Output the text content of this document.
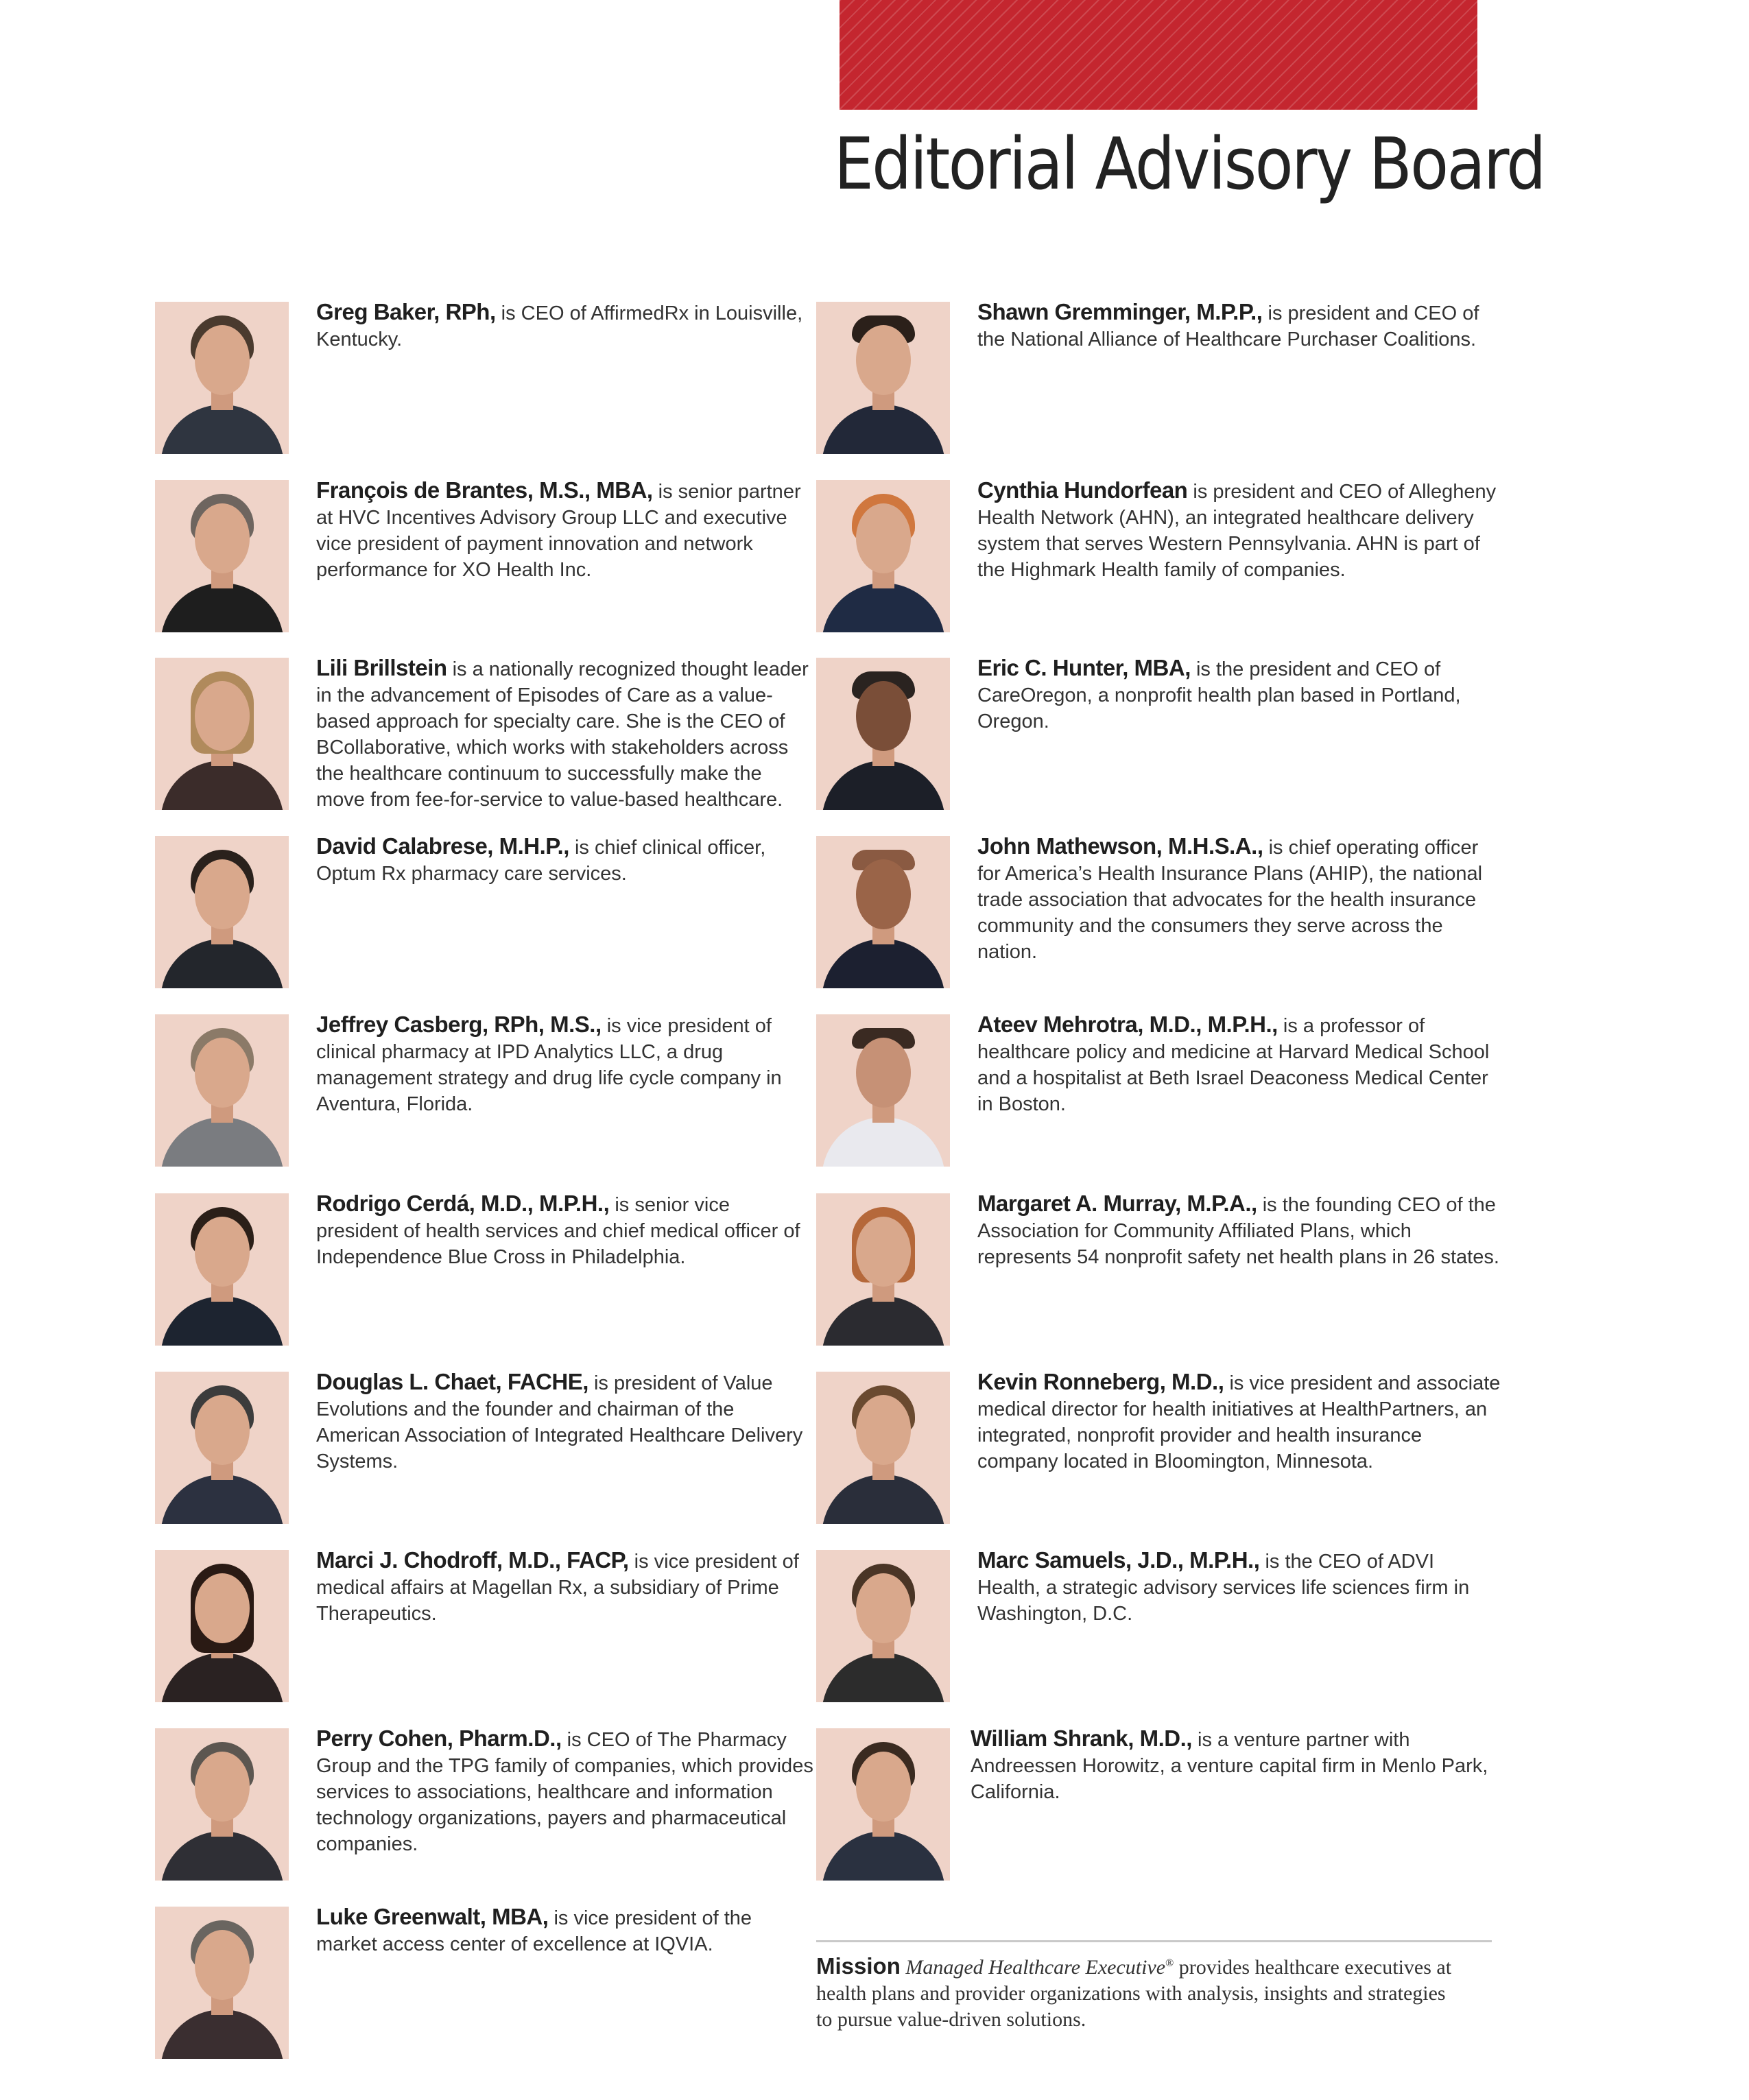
Editorial Advisory Board

Greg Baker, RPh, is CEO of AffirmedRx in Louisville, Kentucky.

François de Brantes, M.S., MBA, is senior partner at HVC Incentives Advisory Group LLC and executive vice president of payment innovation and network performance for XO Health Inc.

Lili Brillstein is a nationally recognized thought leader in the advancement of Episodes of Care as a value-based approach for specialty care. She is the CEO of BCollaborative, which works with stakeholders across the healthcare continuum to successfully make the move from fee-for-service to value-based healthcare.

David Calabrese, M.H.P., is chief clinical officer, Optum Rx pharmacy care services.

Jeffrey Casberg, RPh, M.S., is vice president of clinical pharmacy at IPD Analytics LLC, a drug management strategy and drug life cycle company in Aventura, Florida.

Rodrigo Cerdá, M.D., M.P.H., is senior vice president of health services and chief medical officer of Independence Blue Cross in Philadelphia.

Douglas L. Chaet, FACHE, is president of Value Evolutions and the founder and chairman of the American Association of Integrated Healthcare Delivery Systems.

Marci J. Chodroff, M.D., FACP, is vice president of medical affairs at Magellan Rx, a subsidiary of Prime Therapeutics.

Perry Cohen, Pharm.D., is CEO of The Pharmacy Group and the TPG family of companies, which provides services to associations, healthcare and information technology organizations, payers and pharmaceutical companies.

Luke Greenwalt, MBA, is vice president of the market access center of excellence at IQVIA.

Shawn Gremminger, M.P.P., is president and CEO of the National Alliance of Healthcare Purchaser Coalitions.

Cynthia Hundorfean is president and CEO of Allegheny Health Network (AHN), an integrated healthcare delivery system that serves Western Pennsylvania. AHN is part of the Highmark Health family of companies.

Eric C. Hunter, MBA, is the president and CEO of CareOregon, a nonprofit health plan based in Portland, Oregon.

John Mathewson, M.H.S.A., is chief operating officer for America’s Health Insurance Plans (AHIP), the national trade association that advocates for the health insurance community and the consumers they serve across the nation.

Ateev Mehrotra, M.D., M.P.H., is a professor of healthcare policy and medicine at Harvard Medical School and a hospitalist at Beth Israel Deaconess Medical Center in Boston.

Margaret A. Murray, M.P.A., is the founding CEO of the Association for Community Affiliated Plans, which represents 54 nonprofit safety net health plans in 26 states.

Kevin Ronneberg, M.D., is vice president and associate medical director for health initiatives at HealthPartners, an integrated, nonprofit provider and health insurance company located in Bloomington, Minnesota.

Marc Samuels, J.D., M.P.H., is the CEO of ADVI Health, a strategic advisory services life sciences firm in Washington, D.C.

William Shrank, M.D., is a venture partner with Andreessen Horowitz, a venture capital firm in Menlo Park, California.

Mission Managed Healthcare Executive® provides healthcare executives at health plans and provider organizations with analysis, insights and strategies to pursue value-driven solutions.
